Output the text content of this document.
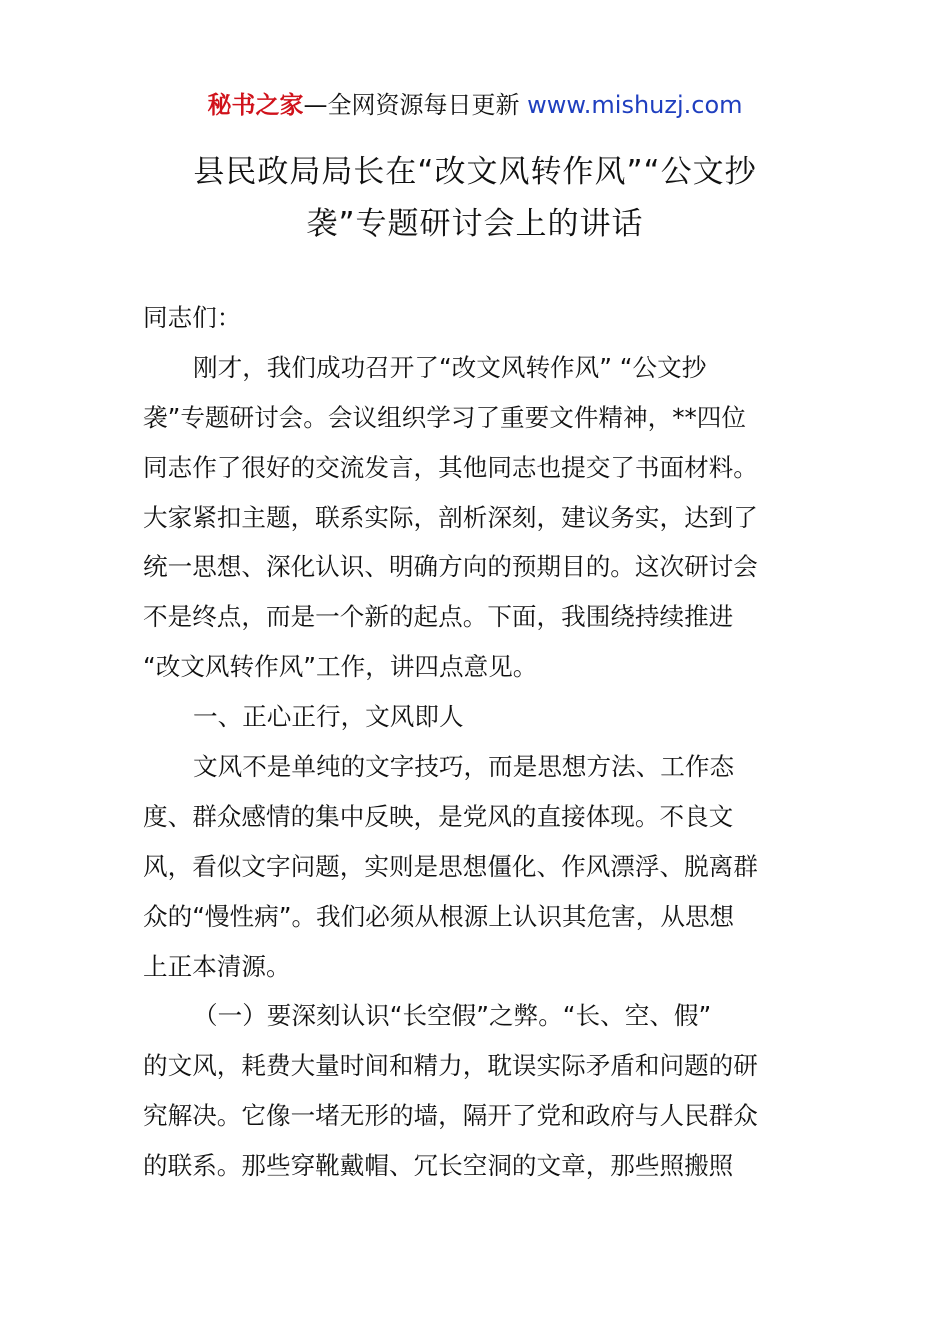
秘书之家—全网资源每日更新 www.mishuzj.com
县民政局局长在“改文风转作风”“公文抄
袭”专题研讨会上的讲话
同志们：
刚才，我们成功召开了“改文风转作风” “公文抄
袭”专题研讨会。会议组织学习了重要文件精神，**四位
同志作了很好的交流发言，其他同志也提交了书面材料。
大家紧扣主题，联系实际，剖析深刻，建议务实，达到了
统一思想、深化认识、明确方向的预期目的。这次研讨会
不是终点，而是一个新的起点。下面，我围绕持续推进
“改文风转作风”工作，讲四点意见。
一、正心正行，文风即人
文风不是单纯的文字技巧，而是思想方法、工作态
度、群众感情的集中反映，是党风的直接体现。不良文
风，看似文字问题，实则是思想僵化、作风漂浮、脱离群
众的“慢性病”。我们必须从根源上认识其危害，从思想
上正本清源。
（一）要深刻认识“长空假”之弊。“长、空、假”
的文风，耗费大量时间和精力，耽误实际矛盾和问题的研
究解决。它像一堵无形的墙，隔开了党和政府与人民群众
的联系。那些穿靴戴帽、冗长空洞的文章，那些照搬照
